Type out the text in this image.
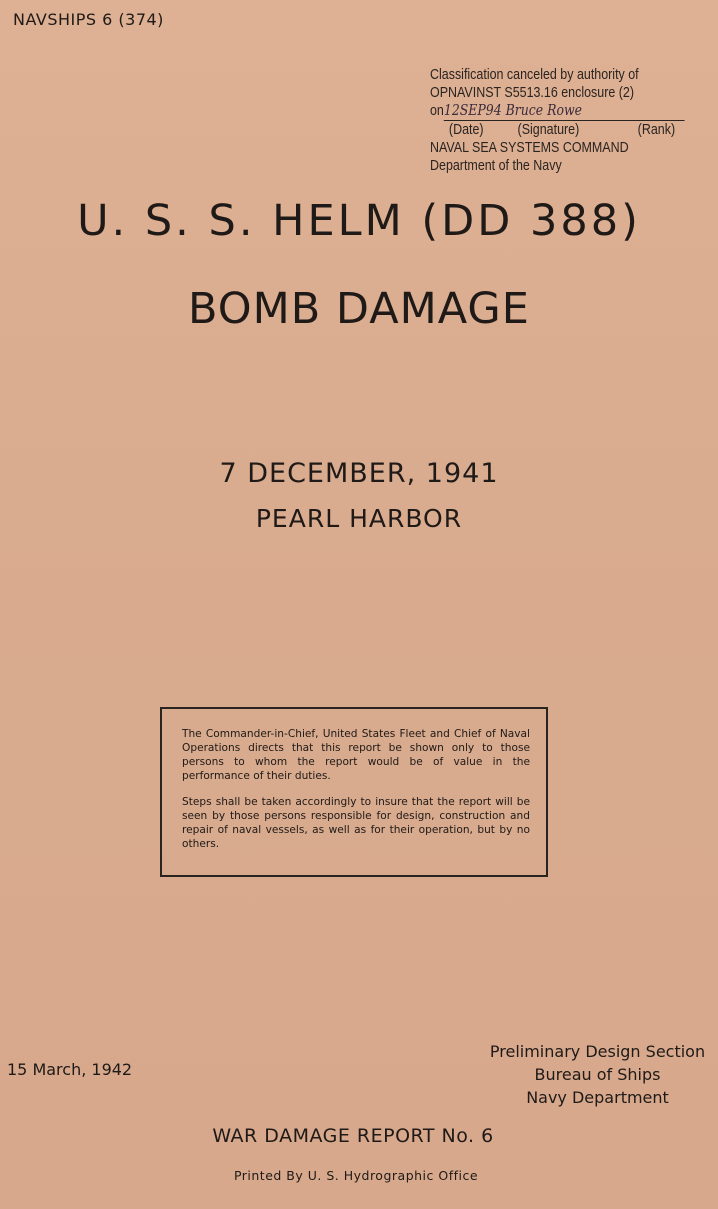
NAVSHIPS 6 (374)
Classification canceled by authority of
OPNAVINST S5513.16 enclosure (2)
on12SEP94 Bruce Rowe
(Date)	(Signature)	(Rank)
NAVAL SEA SYSTEMS COMMAND
Department of the Navy
U. S. S. HELM (DD 388)
BOMB DAMAGE
7 DECEMBER, 1941
PEARL HARBOR

The Commander-in-Chief, United States Fleet and Chief of Naval Operations directs that this report be shown only to those persons to whom the report would be of value in the performance of their duties.

Steps shall be taken accordingly to insure that the report will be seen by those persons responsible for design, construction and repair of naval vessels, as well as for their operation, but by no others.

15 March, 1942
Preliminary Design Section
Bureau of Ships
Navy Department
WAR DAMAGE REPORT No. 6
Printed By U. S. Hydrographic Office
